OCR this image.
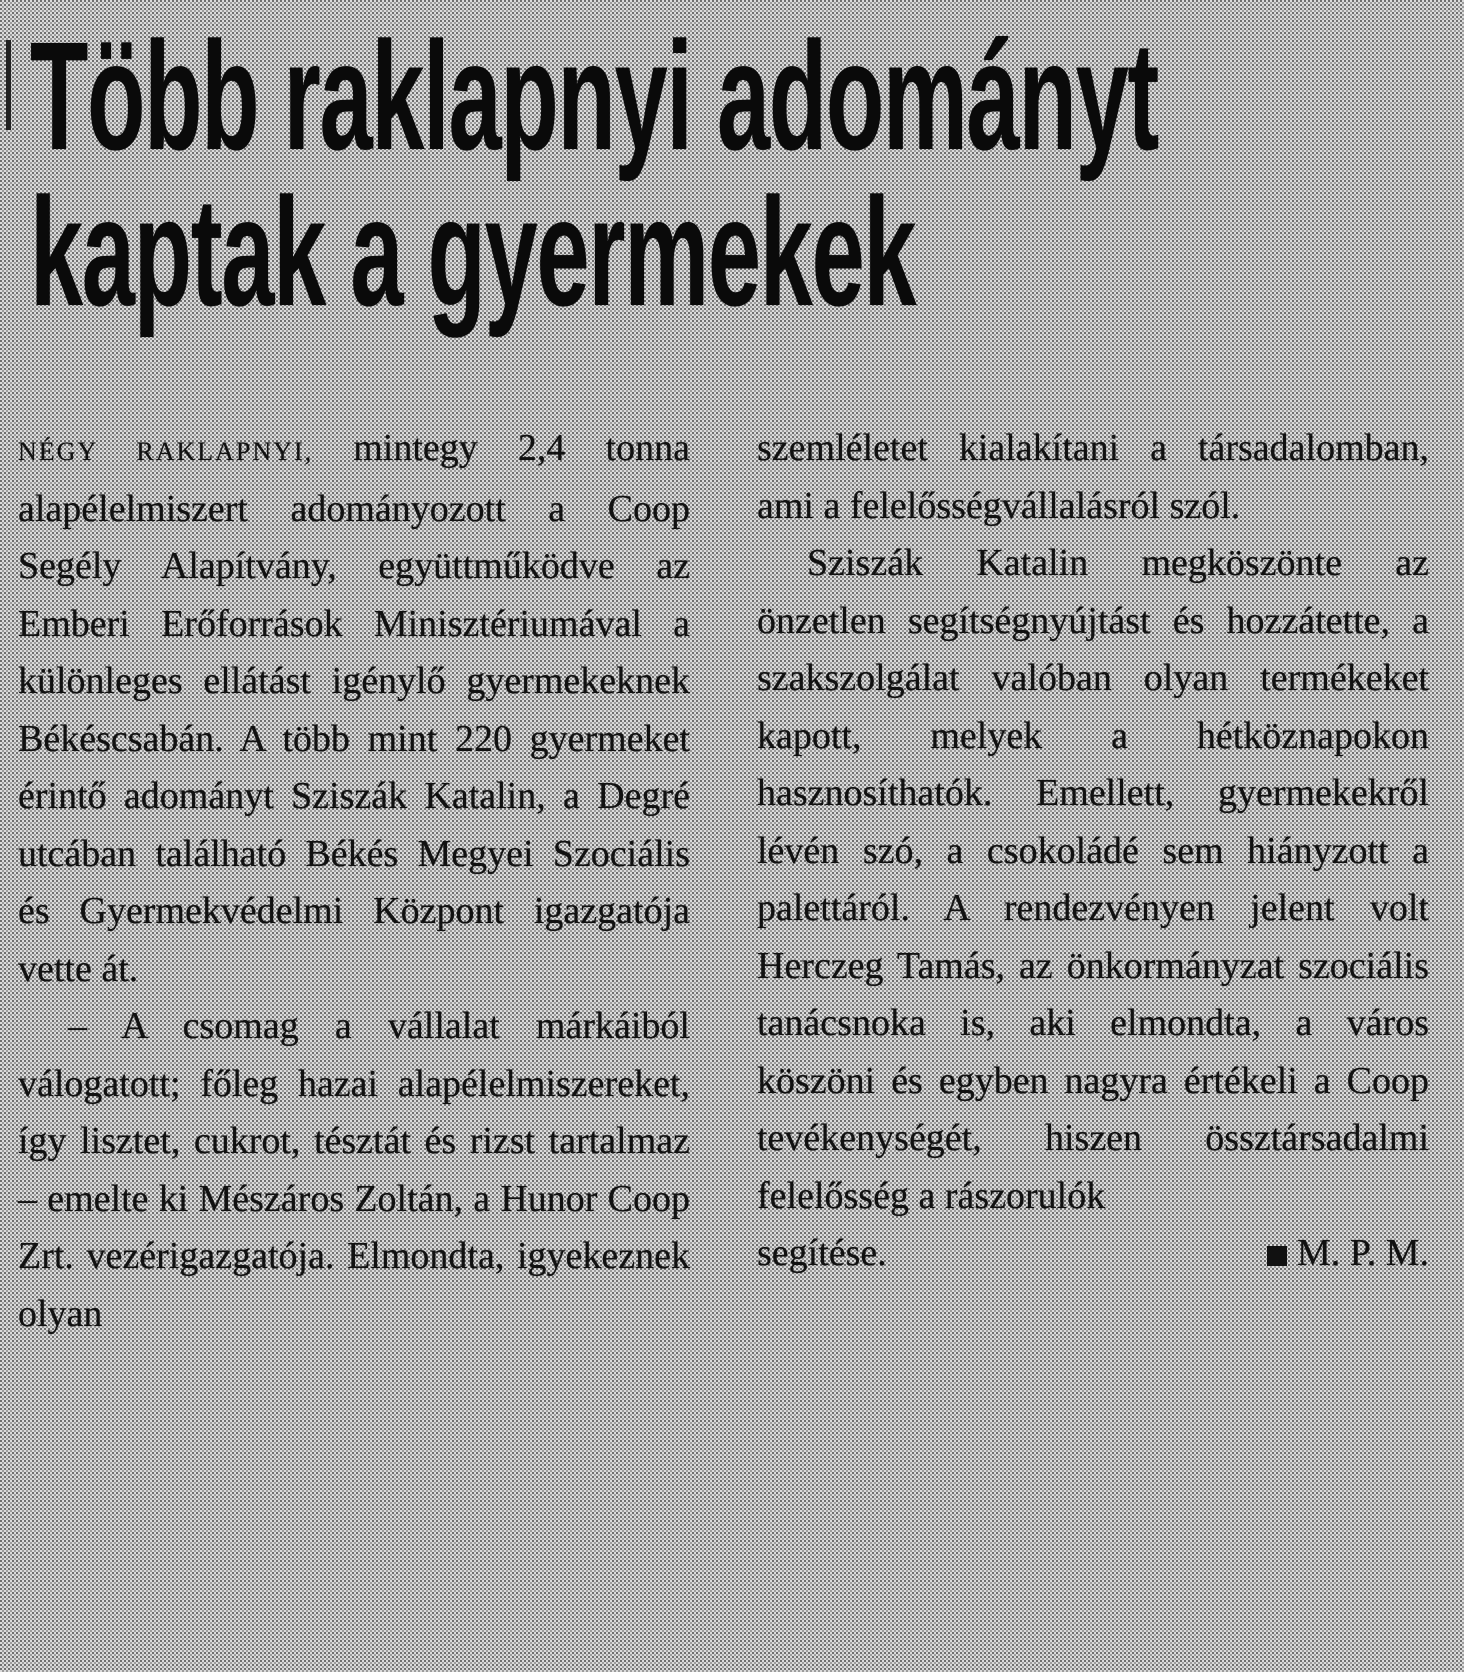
Több raklapnyi adományt
kaptak a gyermekek

NÉGY RAKLAPNYI, mintegy 2,4 tonna alapélelmiszert adományozott a Coop Segély Alapítvány, együttműködve az Emberi Erőforrások Minisztériumával a különleges ellátást igénylő gyermekeknek Békéscsabán. A több mint 220 gyermeket érintő adományt Sziszák Katalin, a Degré utcában található Békés Megyei Szociális és Gyermekvédelmi Központ igazgatója vette át.

– A csomag a vállalat márkáiból válogatott; főleg hazai alapélelmiszereket, így lisztet, cukrot, tésztát és rizst tartalmaz – emelte ki Mészáros Zoltán, a Hunor Coop Zrt. vezérigazgatója. Elmondta, igyekeznek olyan

szemléletet kialakítani a társadalomban, ami a felelősségvállalásról szól.

Sziszák Katalin megköszönte az önzetlen segítségnyújtást és hozzátette, a szakszolgálat valóban olyan termékeket kapott, melyek a hétköznapokon hasznosíthatók. Emellett, gyermekekről lévén szó, a csokoládé sem hiányzott a palettáról. A rendezvényen jelent volt Herczeg Tamás, az önkormányzat szociális tanácsnoka is, aki elmondta, a város köszöni és egyben nagyra értékeli a Coop tevékenységét, hiszen össztársadalmi felelősség a rászorulók

segítése.	M. P. M.
